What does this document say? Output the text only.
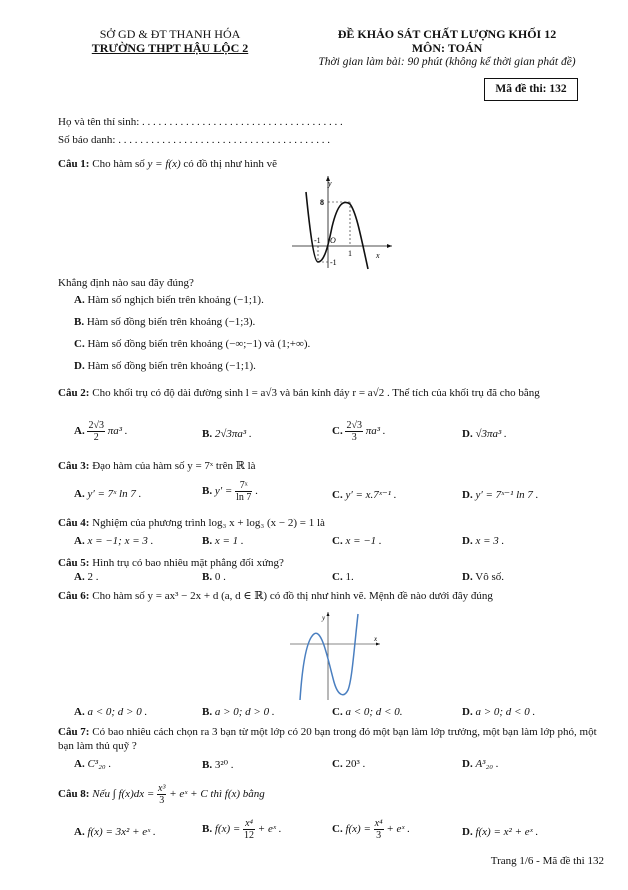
SỞ GD & ĐT THANH HÓA
TRƯỜNG THPT HẬU LỘC 2
ĐỀ KHẢO SÁT CHẤT LƯỢNG KHỐI 12
MÔN: TOÁN
Thời gian làm bài: 90 phút (không kể thời gian phát đề)
Mã đề thi: 132
Họ và tên thí sinh: . . . . . . . . . . . . . . . . . . . . . . . . . . . . . . . . . . . . .
Số báo danh: . . . . . . . . . . . . . . . . . . . . . . . . . . . . . . . . . . . . . . .
Câu 1: Cho hàm số y = f(x) có đồ thị như hình vẽ
y
8
O
-1
1
-1
x
Khẳng định nào sau đây đúng?
A. Hàm số nghịch biến trên khoảng (−1;1).
B. Hàm số đồng biến trên khoảng (−1;3).
C. Hàm số đồng biến trên khoảng (−∞;−1) và (1;+∞).
D. Hàm số đồng biến trên khoảng (−1;1).
Câu 2: Cho khối trụ có độ dài đường sinh l = a√3 và bán kính đáy r = a√2 . Thể tích của khối trụ đã cho bằng
A. $\frac{2√3}{2} \pi a^3$ .	B. 2√3πa³ .	C. $\frac{2√3}{3} \pi a^3$ .	D. √3πa³ .
Câu 3: Đạo hàm của hàm số y = 7ˣ trên ℝ là
A. y′ = 7ˣ ln 7 .	B. $y' = \frac{\text{7ˣ}}{\ln 7}$ .	C. y′ = x.7ˣ⁻¹ .	D. y′ = 7ˣ⁻¹ ln 7 .
Câu 4: Nghiệm của phương trình log₃ x + log₃ (x − 2) = 1 là
A. x = −1; x = 3 .	B. x = 1 .	C. x = −1 .	D. x = 3 .
Câu 5: Hình trụ có bao nhiêu mặt phẳng đối xứng?
A. 2 .	B. 0 .	C. 1.	D. Vô số.
Câu 6: Cho hàm số y = ax³ − 2x + d (a, d ∈ ℝ) có đồ thị như hình vẽ. Mệnh đề nào dưới đây đúng
y
x
A. a < 0; d > 0 .	B. a > 0; d > 0 .	C. a < 0; d < 0.	D. a > 0; d < 0 .
Câu 7: Có bao nhiêu cách chọn ra 3 bạn từ một lớp có 20 bạn trong đó một bạn làm lớp trưởng, một bạn làm lớp phó, một bạn làm thủ quỹ ?
A. C³₂₀ .	B. 3²⁰ .	C. 20³ .	D. A³₂₀ .
Câu 8: Nếu ∫ $f(x)dx = \frac{\text{x³}}{3}$ + eˣ + C thì f(x) bằng
A. f(x) = 3x² + eˣ .	B. $f(x) = \frac{\text{x⁴}}{12}$ + eˣ .	C. $f(x) = \frac{\text{x⁴}}{3}$ + eˣ .	D. f(x) = x² + eˣ .
Trang 1/6 - Mã đề thi 132
